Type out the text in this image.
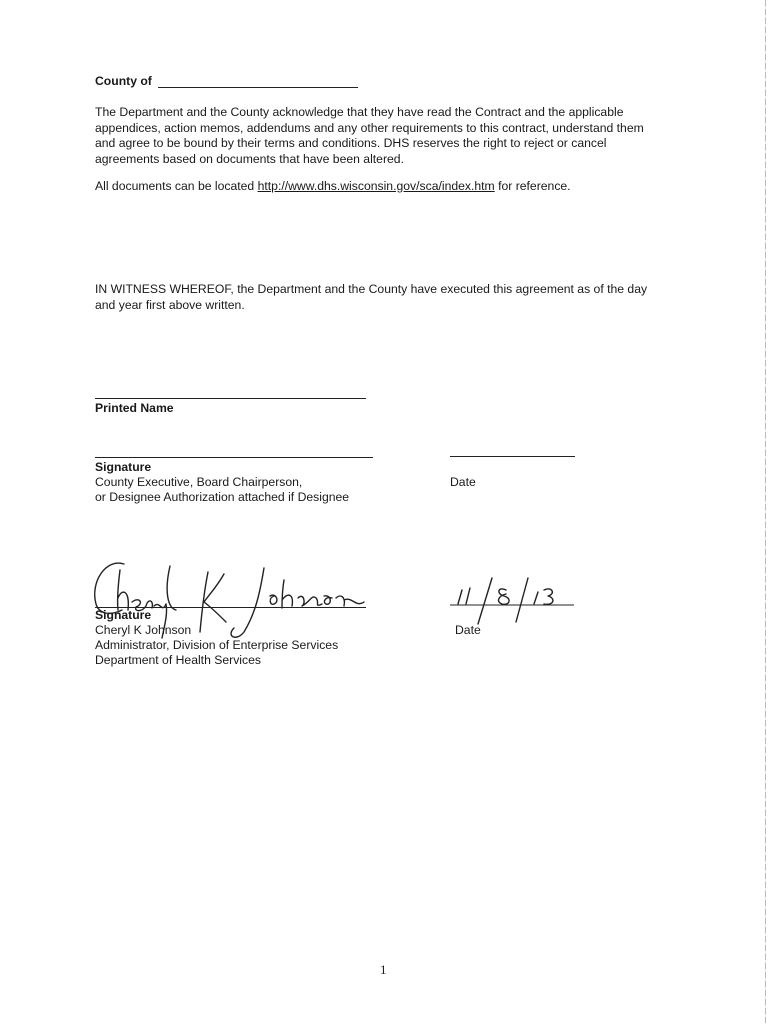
County of

The Department and the County acknowledge that they have read the Contract and the applicable appendices, action memos, addendums and any other requirements to this contract, understand them and agree to be bound by their terms and conditions. DHS reserves the right to reject or cancel agreements based on documents that have been altered.

All documents can be located http://www.dhs.wisconsin.gov/sca/index.htm for reference.

IN WITNESS WHEREOF, the Department and the County have executed this agreement as of the day and year first above written.

Printed Name
Signature
County Executive, Board Chairperson,
or Designee Authorization attached if Designee
Date
Signature
Cheryl K Johnson
Administrator, Division of Enterprise Services
Department of Health Services
Date
1
